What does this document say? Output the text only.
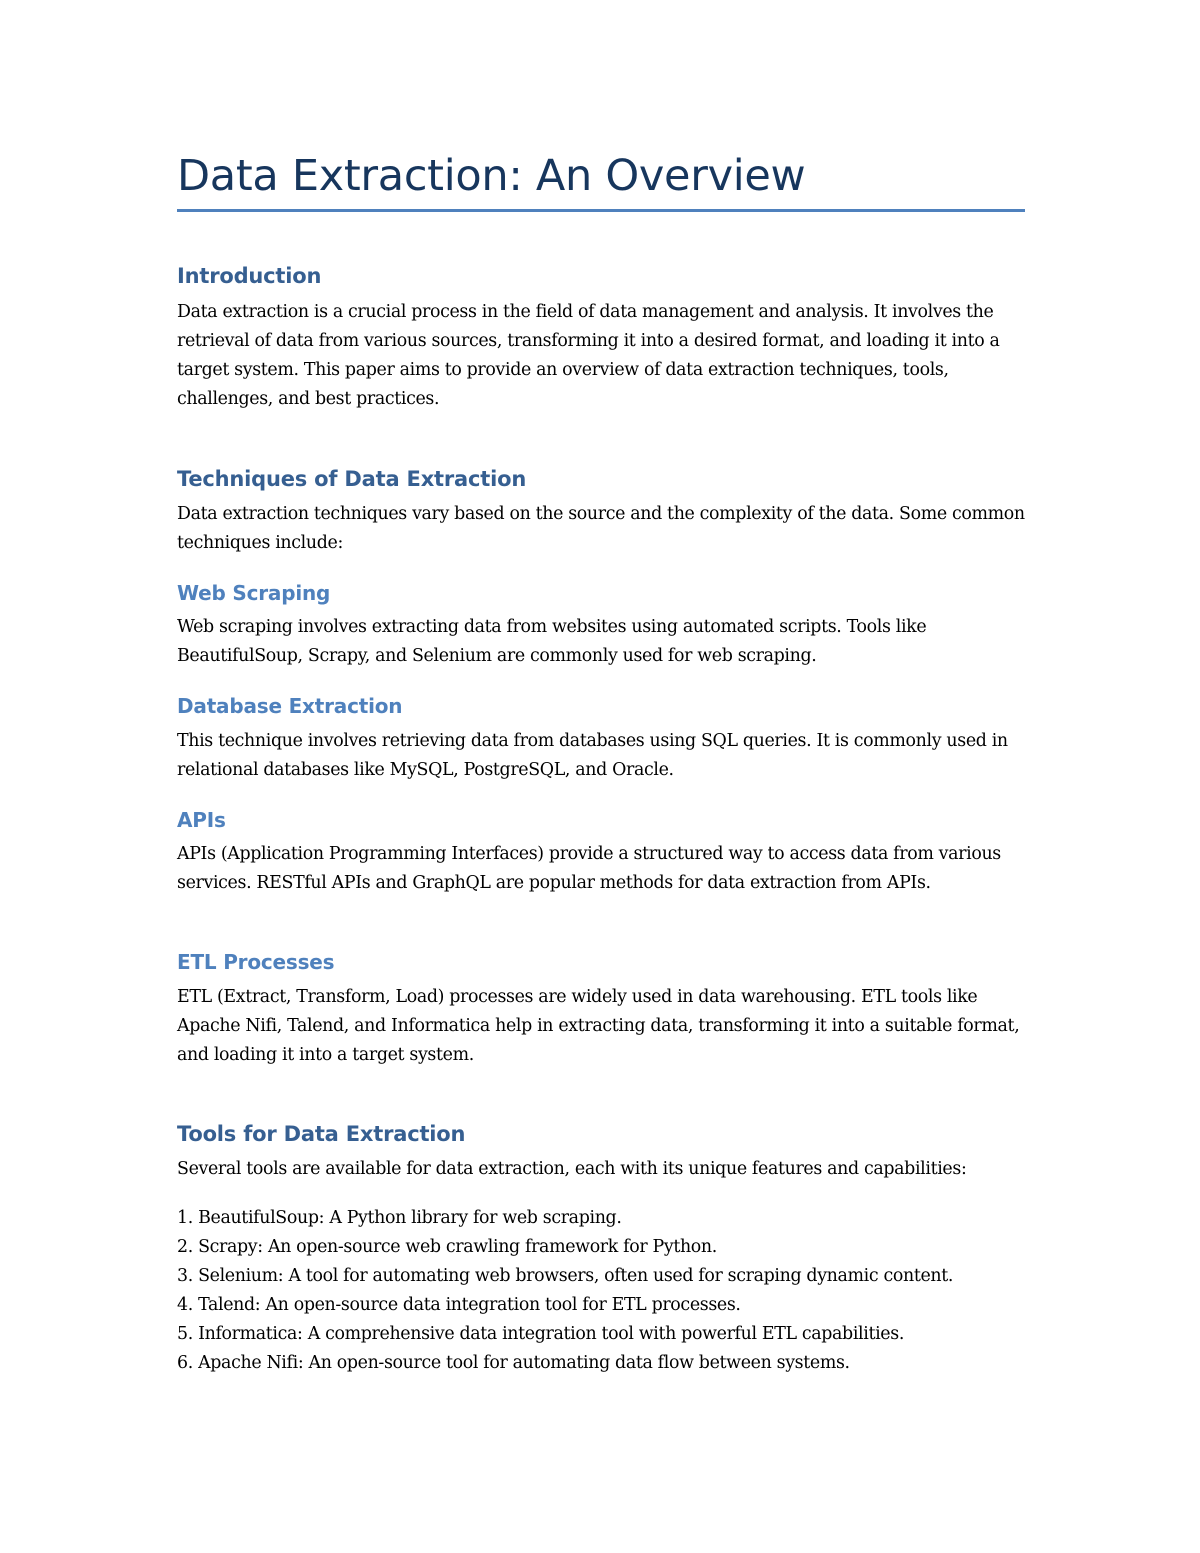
Data Extraction: An Overview
Introduction

Data extraction is a crucial process in the field of data management and analysis. It involves the retrieval of data from various sources, transforming it into a desired format, and loading it into a target system. This paper aims to provide an overview of data extraction techniques, tools, challenges, and best practices.

Techniques of Data Extraction

Data extraction techniques vary based on the source and the complexity of the data. Some common techniques include:

Web Scraping

Web scraping involves extracting data from websites using automated scripts. Tools like BeautifulSoup, Scrapy, and Selenium are commonly used for web scraping.

Database Extraction

This technique involves retrieving data from databases using SQL queries. It is commonly used in relational databases like MySQL, PostgreSQL, and Oracle.

APIs

APIs (Application Programming Interfaces) provide a structured way to access data from various services. RESTful APIs and GraphQL are popular methods for data extraction from APIs.

ETL Processes

ETL (Extract, Transform, Load) processes are widely used in data warehousing. ETL tools like Apache Nifi, Talend, and Informatica help in extracting data, transforming it into a suitable format, and loading it into a target system.

Tools for Data Extraction

Several tools are available for data extraction, each with its unique features and capabilities:

1. BeautifulSoup: A Python library for web scraping.
2. Scrapy: An open-source web crawling framework for Python.
3. Selenium: A tool for automating web browsers, often used for scraping dynamic content.
4. Talend: An open-source data integration tool for ETL processes.
5. Informatica: A comprehensive data integration tool with powerful ETL capabilities.
6. Apache Nifi: An open-source tool for automating data flow between systems.
